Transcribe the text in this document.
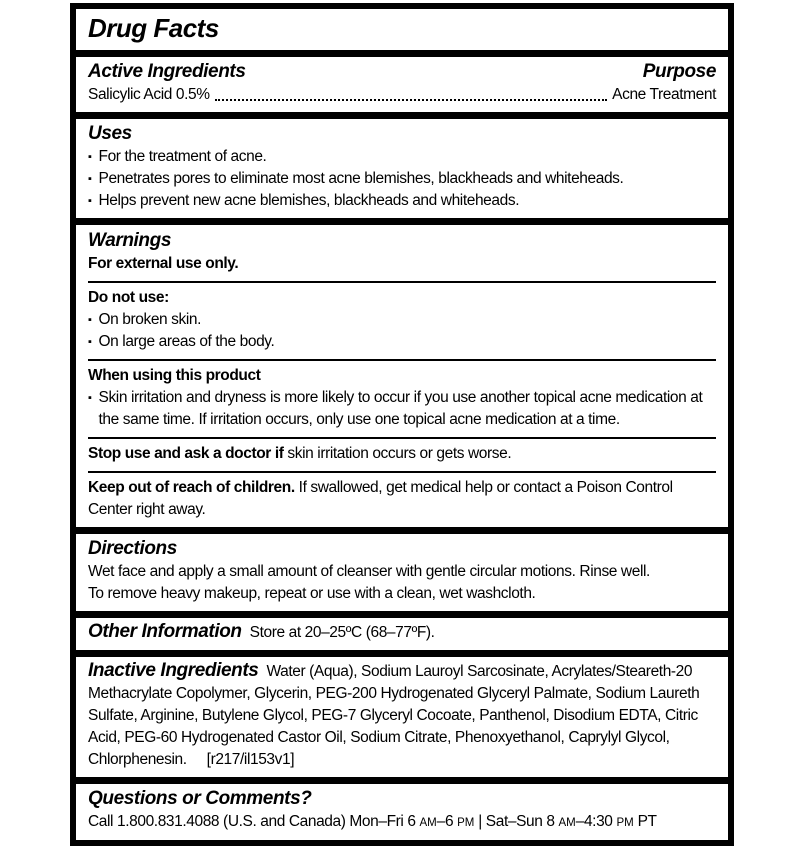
Drug Facts
Active Ingredients	Purpose
Salicylic Acid 0.5%	Acne Treatment
Uses
▪ For the treatment of acne.
▪ Penetrates pores to eliminate most acne blemishes, blackheads and whiteheads.
▪ Helps prevent new acne blemishes, blackheads and whiteheads.
Warnings
For external use only.
Do not use:
▪ On broken skin.
▪ On large areas of the body.
When using this product
▪ Skin irritation and dryness is more likely to occur if you use another topical acne medication at the same time. If irritation occurs, only use one topical acne medication at a time.
Stop use and ask a doctor if skin irritation occurs or gets worse.
Keep out of reach of children. If swallowed, get medical help or contact a Poison Control
Center right away.
Directions
Wet face and apply a small amount of cleanser with gentle circular motions. Rinse well.
To remove heavy makeup, repeat or use with a clean, wet washcloth.
Other Information Store at 20–25ºC (68–77ºF).
Inactive Ingredients Water (Aqua), Sodium Lauroyl Sarcosinate, Acrylates/Steareth-20
Methacrylate Copolymer, Glycerin, PEG-200 Hydrogenated Glyceryl Palmate, Sodium Laureth
Sulfate, Arginine, Butylene Glycol, PEG-7 Glyceryl Cocoate, Panthenol, Disodium EDTA, Citric
Acid, PEG-60 Hydrogenated Castor Oil, Sodium Citrate, Phenoxyethanol, Caprylyl Glycol,
Chlorphenesin. [r217/il153v1]
Questions or Comments?
Call 1.800.831.4088 (U.S. and Canada) Mon–Fri 6 AM–6 PM | Sat–Sun 8 AM–4:30 PM PT
